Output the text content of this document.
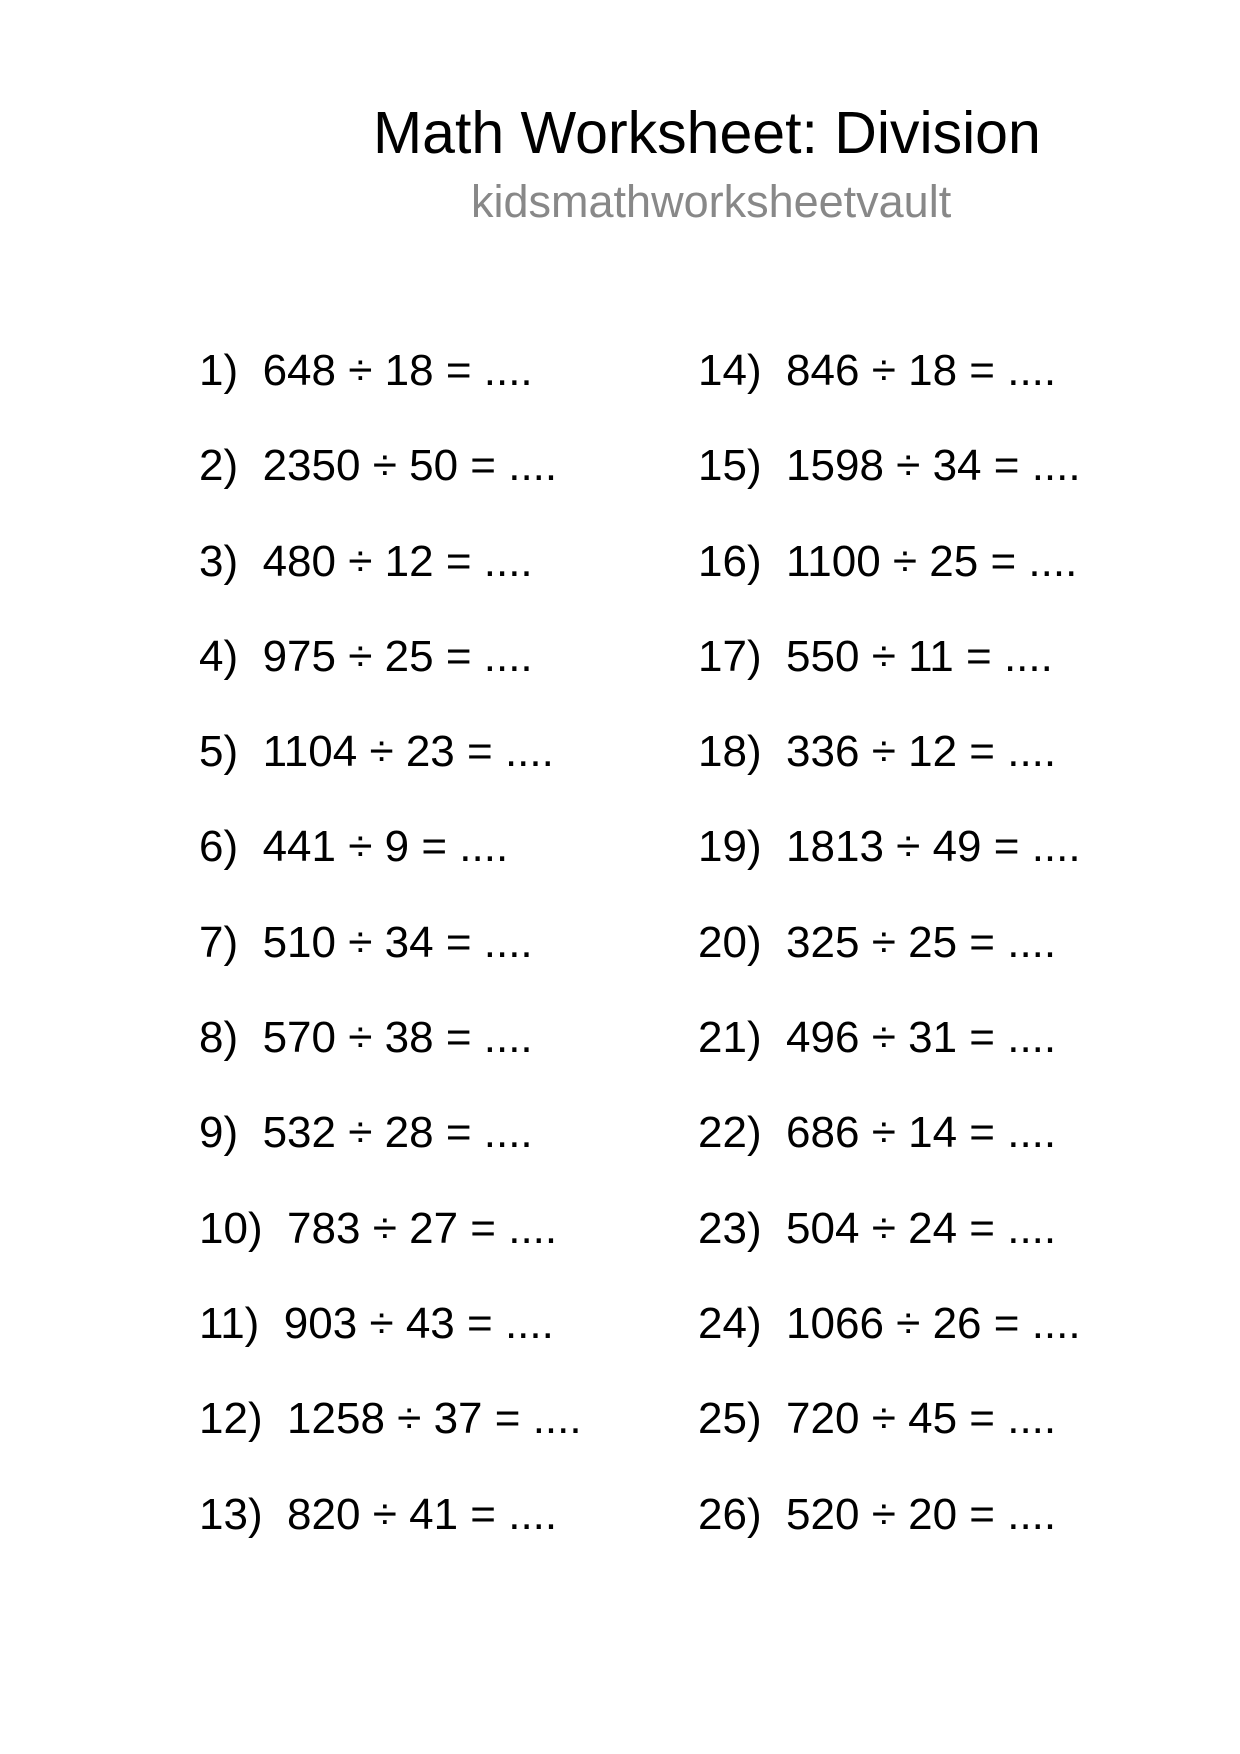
Math Worksheet: Division
kidsmathworksheetvault
1) 648 ÷ 18 = ....
2) 2350 ÷ 50 = ....
3) 480 ÷ 12 = ....
4) 975 ÷ 25 = ....
5) 1104 ÷ 23 = ....
6) 441 ÷ 9 = ....
7) 510 ÷ 34 = ....
8) 570 ÷ 38 = ....
9) 532 ÷ 28 = ....
10) 783 ÷ 27 = ....
11) 903 ÷ 43 = ....
12) 1258 ÷ 37 = ....
13) 820 ÷ 41 = ....
14) 846 ÷ 18 = ....
15) 1598 ÷ 34 = ....
16) 1100 ÷ 25 = ....
17) 550 ÷ 11 = ....
18) 336 ÷ 12 = ....
19) 1813 ÷ 49 = ....
20) 325 ÷ 25 = ....
21) 496 ÷ 31 = ....
22) 686 ÷ 14 = ....
23) 504 ÷ 24 = ....
24) 1066 ÷ 26 = ....
25) 720 ÷ 45 = ....
26) 520 ÷ 20 = ....
